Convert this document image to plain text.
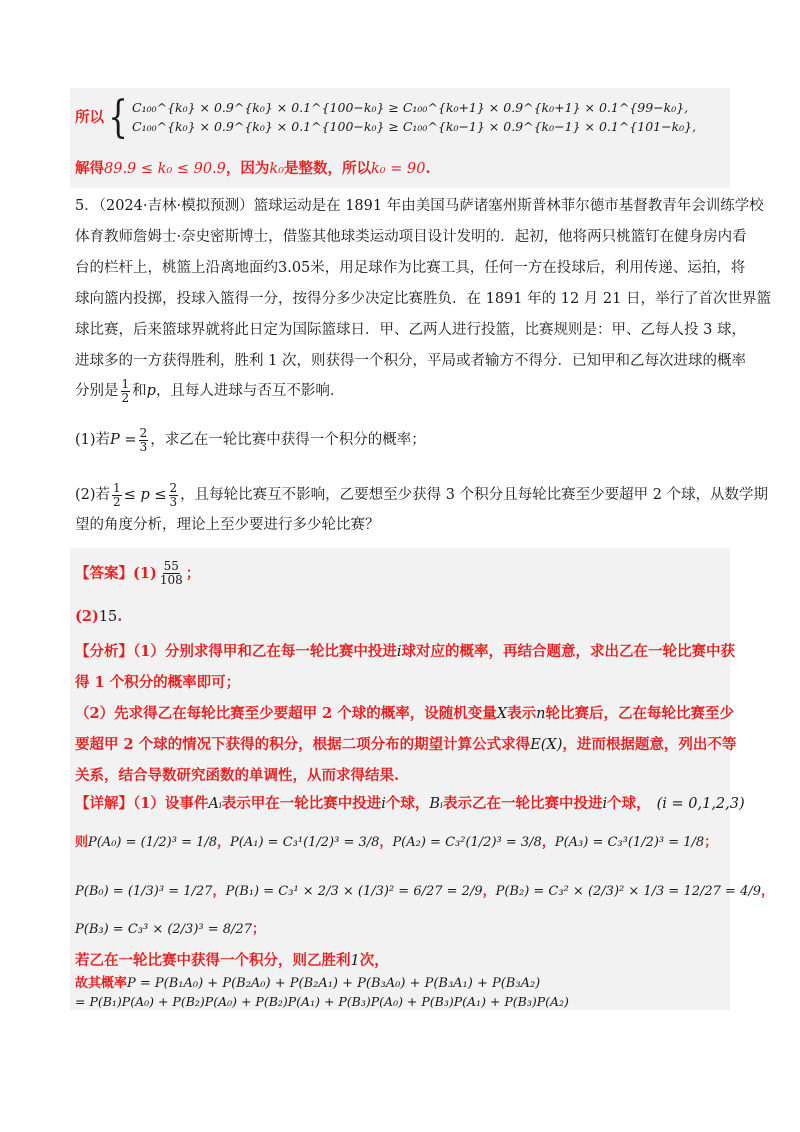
所以 { C₁₀₀^{k₀} × 0.9^{k₀} × 0.1^{100−k₀} ≥ C₁₀₀^{k₀+1} × 0.9^{k₀+1} × 0.1^{99−k₀},
C₁₀₀^{k₀} × 0.9^{k₀} × 0.1^{100−k₀} ≥ C₁₀₀^{k₀−1} × 0.9^{k₀−1} × 0.1^{101−k₀},
解得89.9 ≤ k₀ ≤ 90.9，因为k₀是整数，所以k₀ = 90.
5．（2024·吉林·模拟预测）篮球运动是在 1891 年由美国马萨诸塞州斯普林菲尔德市基督教青年会训练学校
体育教师詹姆士·奈史密斯博士，借鉴其他球类运动项目设计发明的．起初，他将两只桃篮钉在健身房内看
台的栏杆上，桃篮上沿离地面约3.05米，用足球作为比赛工具，任何一方在投球后，利用传递、运拍，将
球向篮内投掷，投球入篮得一分，按得分多少决定比赛胜负．在 1891 年的 12 月 21 日，举行了首次世界篮
球比赛，后来篮球界就将此日定为国际篮球日．甲、乙两人进行投篮，比赛规则是：甲、乙每人投 3 球，
进球多的一方获得胜利，胜利 1 次，则获得一个积分，平局或者输方不得分．已知甲和乙每次进球的概率
分别是 $\frac{1}{2}$ 和 p ，且每人进球与否互不影响．
(1)若 $P = \frac{2}{3}$ ，求乙在一轮比赛中获得一个积分的概率；
(2)若 $\frac{1}{2} \le p \le \frac{2}{3}$ ，且每轮比赛互不影响，乙要想至少获得 3 个积分且每轮比赛至少要超甲 2 个球，从数学期
望的角度分析，理论上至少要进行多少轮比赛？
【答案】 $(1) \frac{55}{108}$ ；
(2)15.
【分析】（1）分别求得甲和乙在每一轮比赛中投进i球对应的概率，再结合题意，求出乙在一轮比赛中获
得 1 个积分的概率即可；
（2）先求得乙在每轮比赛至少要超甲 2 个球的概率，设随机变量X表示n轮比赛后，乙在每轮比赛至少
要超甲 2 个球的情况下获得的积分，根据二项分布的期望计算公式求得E(X)，进而根据题意，列出不等
关系，结合导数研究函数的单调性，从而求得结果.
【详解】（1）设事件Aᵢ表示甲在一轮比赛中投进i个球，Bᵢ表示乙在一轮比赛中投进i个球， (i = 0,1,2,3)
则P(A₀) = (1/2)³ = 1/8，P(A₁) = C₃¹(1/2)³ = 3/8，P(A₂) = C₃²(1/2)³ = 3/8，P(A₃) = C₃³(1/2)³ = 1/8；
P(B₀) = (1/3)³ = 1/27，P(B₁) = C₃¹ × 2/3 × (1/3)² = 6/27 = 2/9，P(B₂) = C₃² × (2/3)² × 1/3 = 12/27 = 4/9，
P(B₃) = C₃³ × (2/3)³ = 8/27；
若乙在一轮比赛中获得一个积分，则乙胜利1次，
故其概率P = P(B₁A₀) + P(B₂A₀) + P(B₂A₁) + P(B₃A₀) + P(B₃A₁) + P(B₃A₂)
= P(B₁)P(A₀) + P(B₂)P(A₀) + P(B₂)P(A₁) + P(B₃)P(A₀) + P(B₃)P(A₁) + P(B₃)P(A₂)
